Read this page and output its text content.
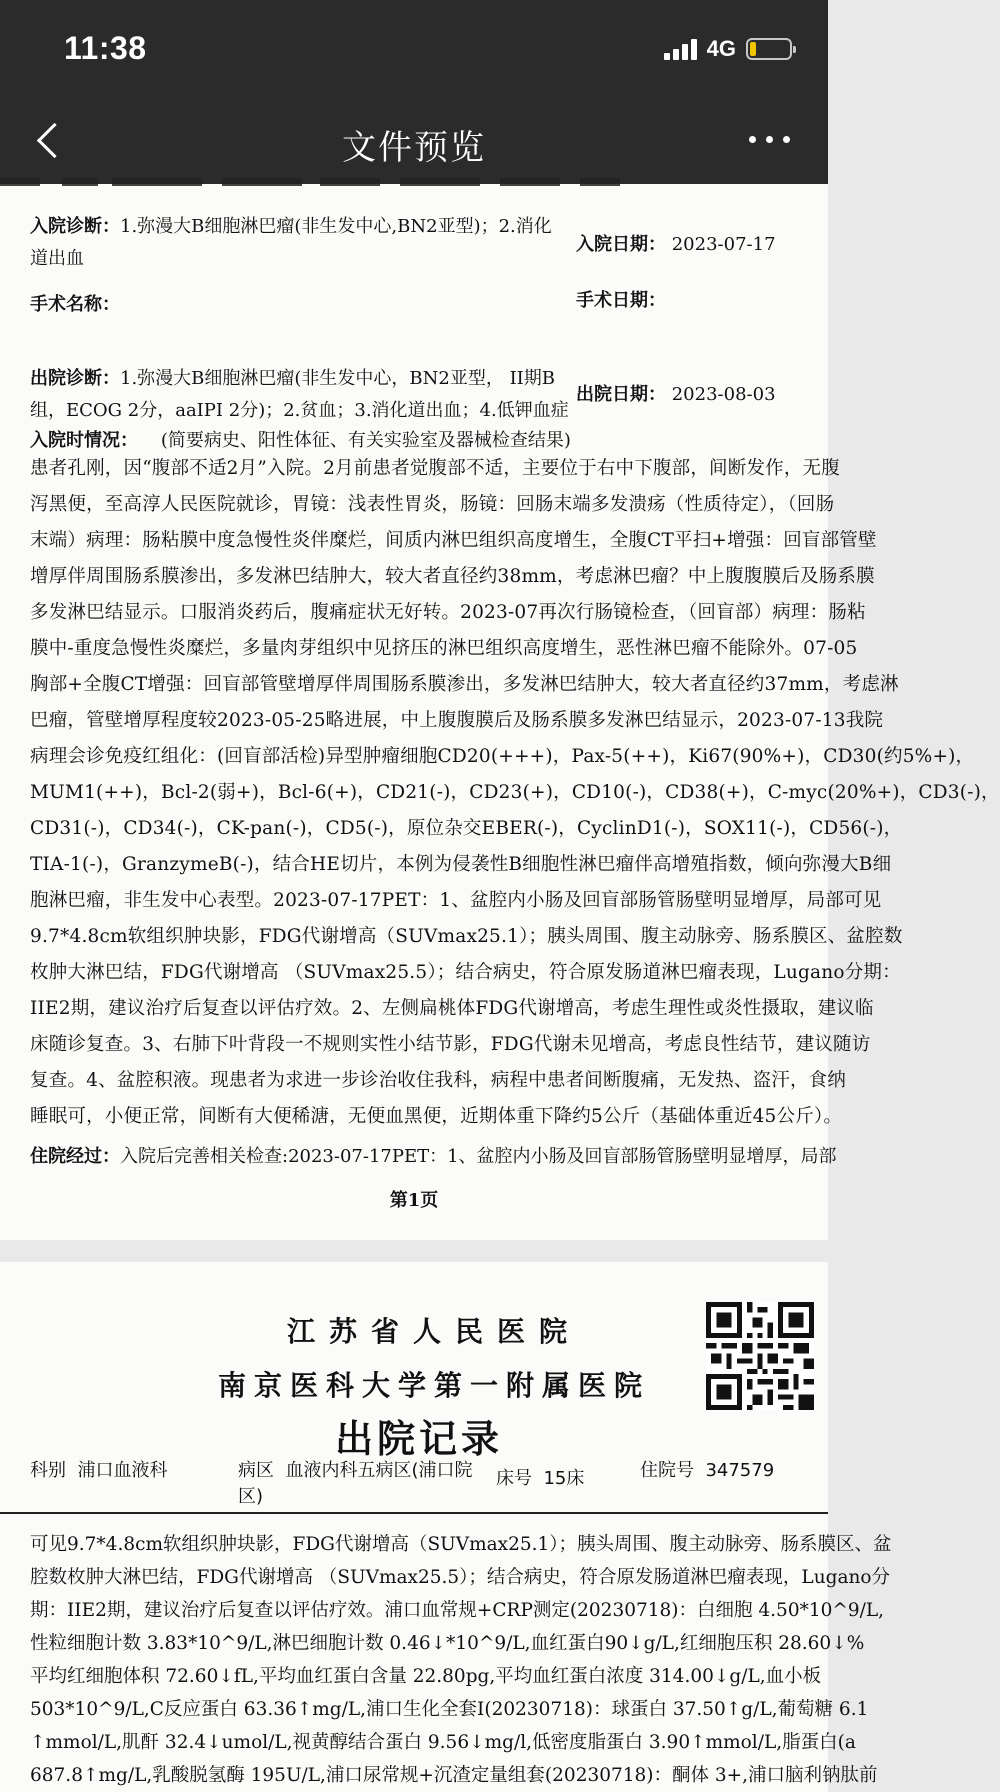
11:38	4G
文件预览
入院诊断：1.弥漫大B细胞淋巴瘤(非生发中心,BN2亚型)；2.消化
道出血
入院日期： 2023-07-17
手术名称：	手术日期：
出院诊断：1.弥漫大B细胞淋巴瘤(非生发中心，BN2亚型， II期B
组，ECOG 2分，aaIPI 2分)；2.贫血；3.消化道出血；4.低钾血症
出院日期： 2023-08-03
入院时情况： (简要病史、阳性体征、有关实验室及器械检查结果)
患者孔刚，因“腹部不适2月”入院。2月前患者觉腹部不适，主要位于右中下腹部，间断发作，无腹
泻黑便，至高淳人民医院就诊，胃镜：浅表性胃炎，肠镜：回肠末端多发溃疡（性质待定），（回肠
末端）病理：肠粘膜中度急慢性炎伴糜烂，间质内淋巴组织高度增生，全腹CT平扫+增强：回盲部管壁
增厚伴周围肠系膜渗出，多发淋巴结肿大，较大者直径约38mm，考虑淋巴瘤？中上腹腹膜后及肠系膜
多发淋巴结显示。口服消炎药后，腹痛症状无好转。2023-07再次行肠镜检查，（回盲部）病理：肠粘
膜中-重度急慢性炎糜烂，多量肉芽组织中见挤压的淋巴组织高度增生，恶性淋巴瘤不能除外。07-05
胸部+全腹CT增强：回盲部管壁增厚伴周围肠系膜渗出，多发淋巴结肿大，较大者直径约37mm，考虑淋
巴瘤，管壁增厚程度较2023-05-25略进展，中上腹腹膜后及肠系膜多发淋巴结显示，2023-07-13我院
病理会诊免疫红组化：(回盲部活检)异型肿瘤细胞CD20(+++)，Pax-5(++)，Ki67(90%+)，CD30(约5%+)，
MUM1(++)，Bcl-2(弱+)，Bcl-6(+)，CD21(-)，CD23(+)，CD10(-)，CD38(+)，C-myc(20%+)，CD3(-)，
CD31(-)，CD34(-)，CK-pan(-)，CD5(-)，原位杂交EBER(-)，CyclinD1(-)，SOX11(-)，CD56(-)，
TIA-1(-)，GranzymeB(-)，结合HE切片，本例为侵袭性B细胞性淋巴瘤伴高增殖指数，倾向弥漫大B细
胞淋巴瘤，非生发中心表型。2023-07-17PET：1、盆腔内小肠及回盲部肠管肠壁明显增厚，局部可见
9.7*4.8cm软组织肿块影，FDG代谢增高（SUVmax25.1）；胰头周围、腹主动脉旁、肠系膜区、盆腔数
枚肿大淋巴结，FDG代谢增高 （SUVmax25.5）；结合病史，符合原发肠道淋巴瘤表现，Lugano分期：
IIE2期，建议治疗后复查以评估疗效。2、左侧扁桃体FDG代谢增高，考虑生理性或炎性摄取，建议临
床随诊复查。3、右肺下叶背段一不规则实性小结节影，FDG代谢未见增高，考虑良性结节，建议随访
复查。4、盆腔积液。现患者为求进一步诊治收住我科，病程中患者间断腹痛，无发热、盗汗，食纳
睡眠可，小便正常，间断有大便稀溏，无便血黑便，近期体重下降约5公斤（基础体重近45公斤）。
住院经过：入院后完善相关检查:2023-07-17PET：1、盆腔内小肠及回盲部肠管肠壁明显增厚，局部
第1页
江苏省人民医院
南京医科大学第一附属医院
出院记录
科别 浦口血液科	病区 血液内科五病区(浦口院
区)
床号 15床	住院号 347579
可见9.7*4.8cm软组织肿块影，FDG代谢增高（SUVmax25.1）；胰头周围、腹主动脉旁、肠系膜区、盆
腔数枚肿大淋巴结，FDG代谢增高 （SUVmax25.5）；结合病史，符合原发肠道淋巴瘤表现，Lugano分
期：IIE2期，建议治疗后复查以评估疗效。浦口血常规+CRP测定(20230718)：白细胞 4.50*10^9/L,
性粒细胞计数 3.83*10^9/L,淋巴细胞计数 0.46↓*10^9/L,血红蛋白90↓g/L,红细胞压积 28.60↓%
平均红细胞体积 72.60↓fL,平均血红蛋白含量 22.80pg,平均血红蛋白浓度 314.00↓g/L,血小板
503*10^9/L,C反应蛋白 63.36↑mg/L,浦口生化全套Ⅰ(20230718)：球蛋白 37.50↑g/L,葡萄糖 6.1
↑mmol/L,肌酐 32.4↓umol/L,视黄醇结合蛋白 9.56↓mg/l,低密度脂蛋白 3.90↑mmol/L,脂蛋白(a
687.8↑mg/L,乳酸脱氢酶 195U/L,浦口尿常规+沉渣定量组套(20230718)：酮体 3+,浦口脑利钠肽前
